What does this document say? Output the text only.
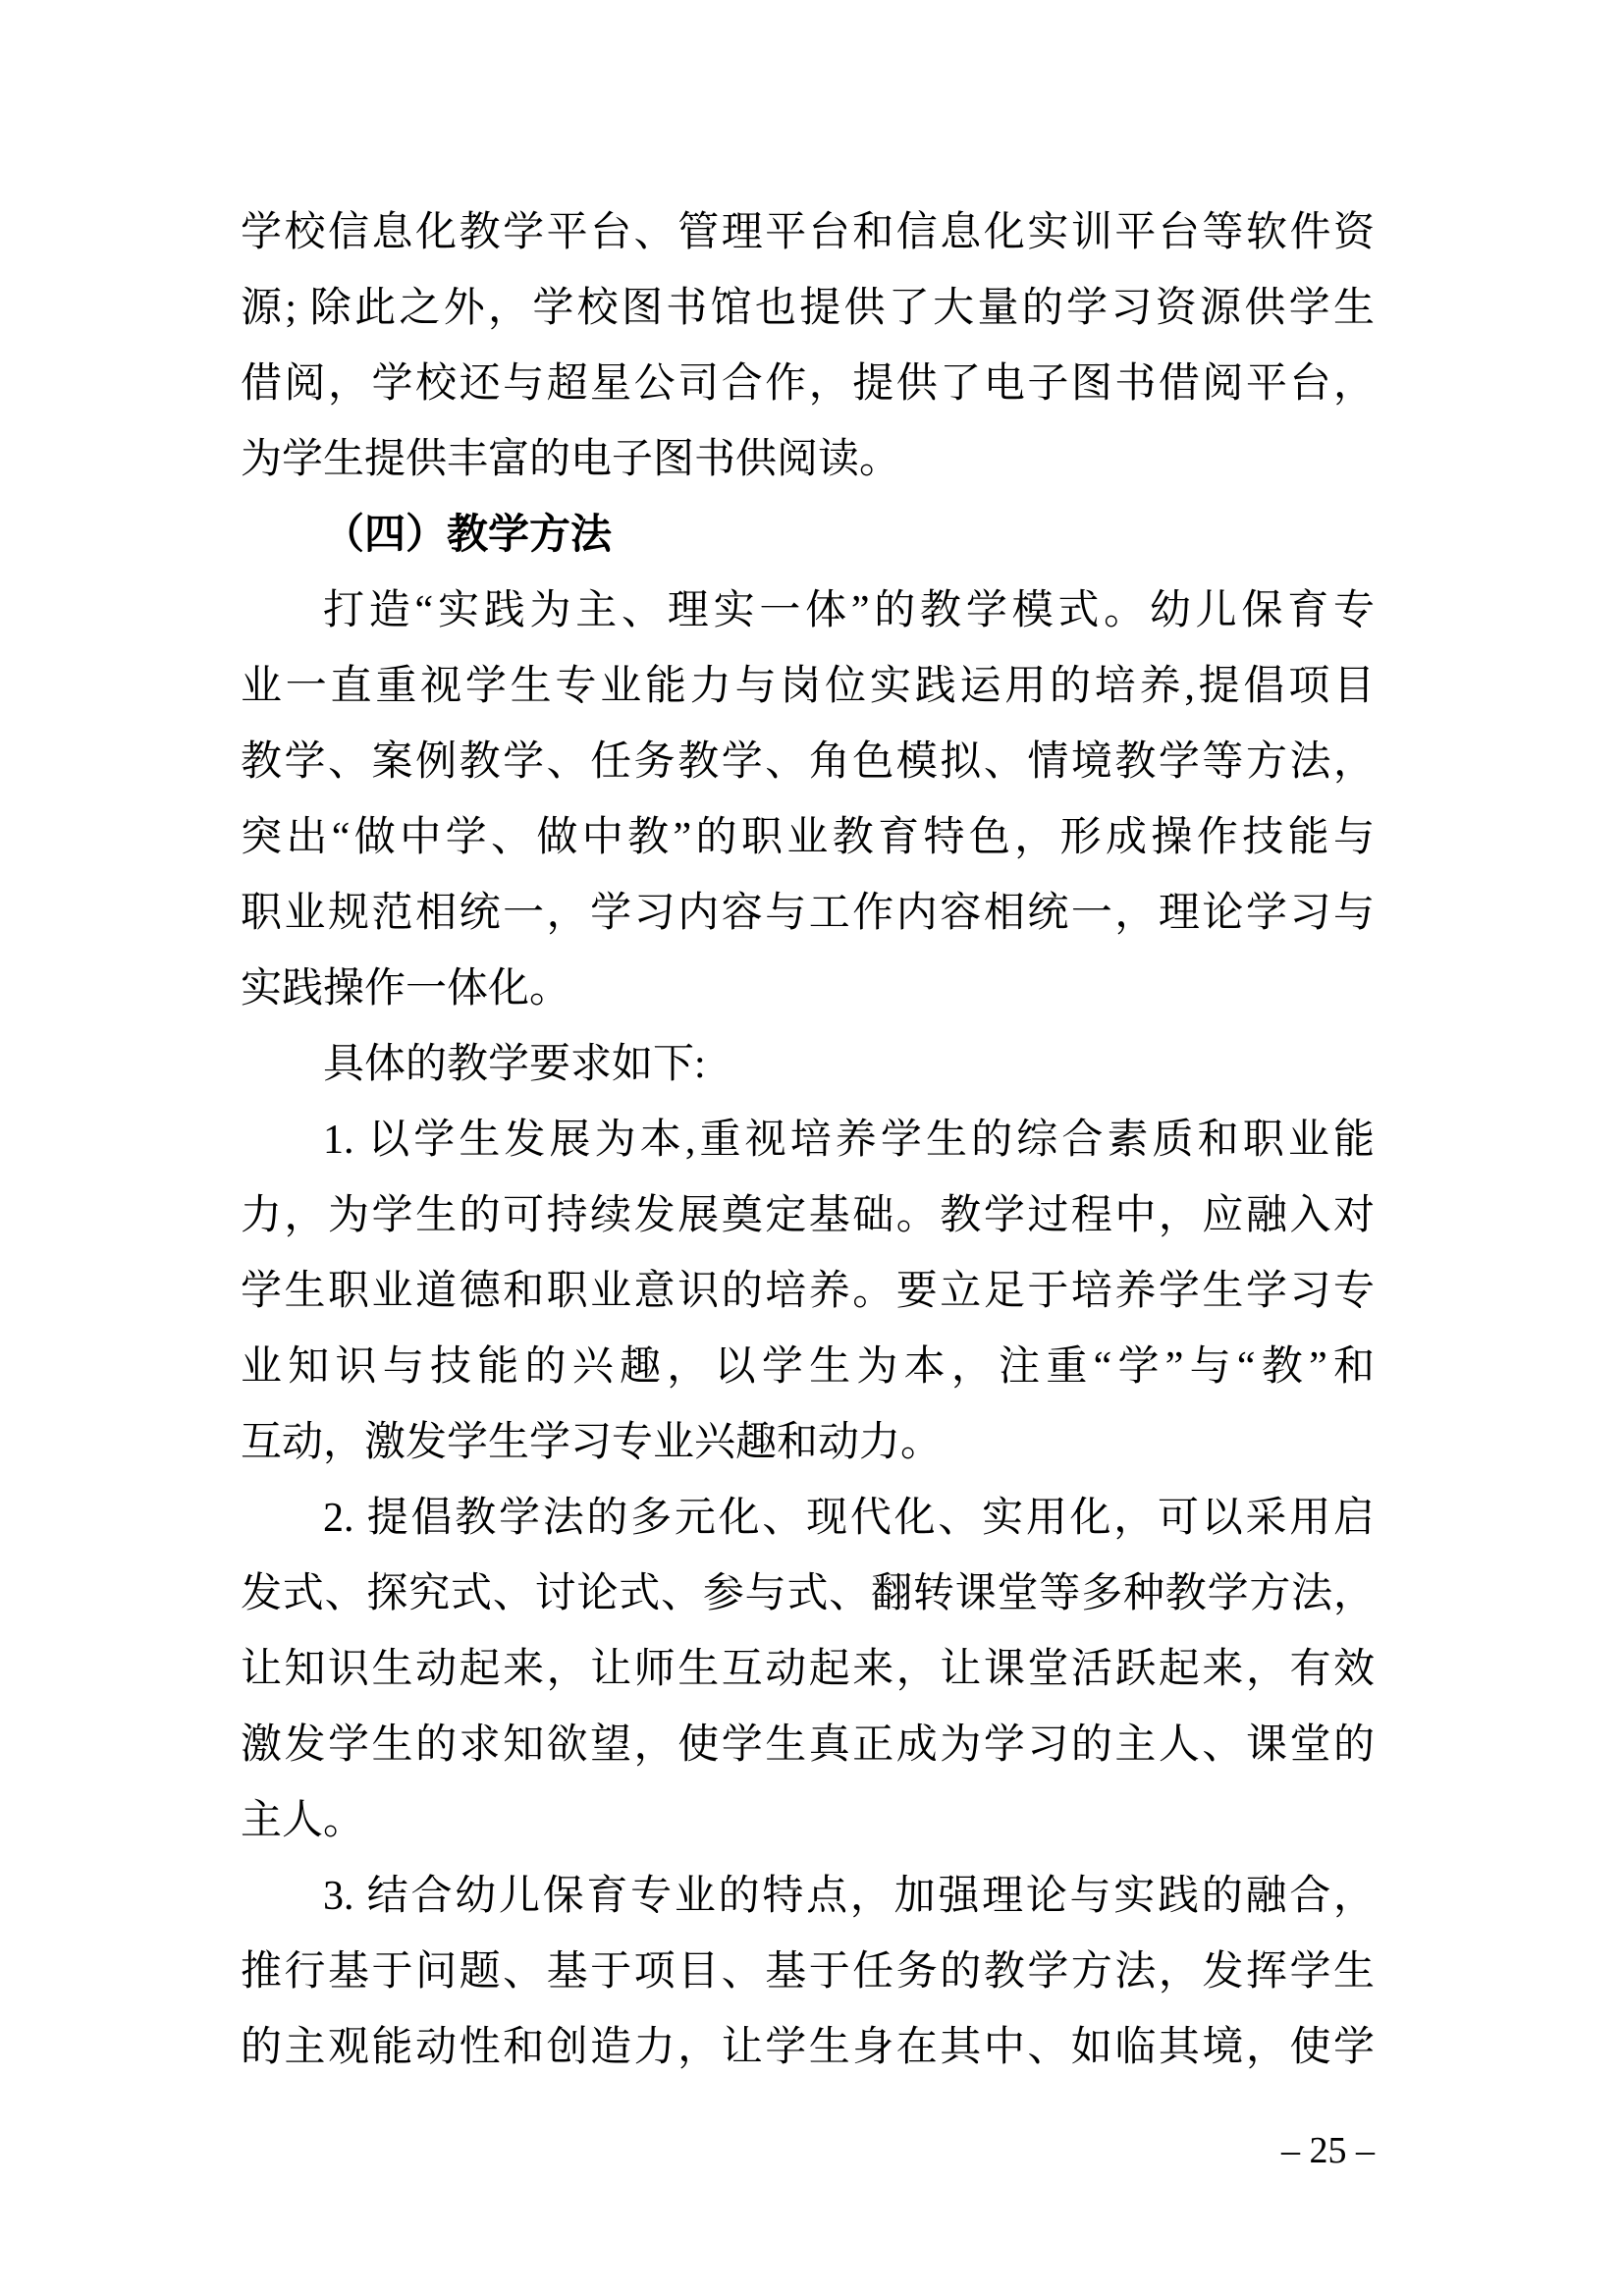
学校信息化教学平台、管理平台和信息化实训平台等软件资
源; 除此之外，学校图书馆也提供了大量的学习资源供学生
借阅，学校还与超星公司合作，提供了电子图书借阅平台，
为学生提供丰富的电子图书供阅读。
（四）教学方法
打造“实践为主、理实一体”的教学模式。幼儿保育专
业一直重视学生专业能力与岗位实践运用的培养,提倡项目
教学、案例教学、任务教学、角色模拟、情境教学等方法，
突出“做中学、做中教”的职业教育特色，形成操作技能与
职业规范相统一，学习内容与工作内容相统一，理论学习与
实践操作一体化。
具体的教学要求如下:
1. 以学生发展为本,重视培养学生的综合素质和职业能
力，为学生的可持续发展奠定基础。教学过程中，应融入对
学生职业道德和职业意识的培养。要立足于培养学生学习专
业知识与技能的兴趣，以学生为本，注重“学”与“教”和
互动，激发学生学习专业兴趣和动力。
2. 提倡教学法的多元化、现代化、实用化，可以采用启
发式、探究式、讨论式、参与式、翻转课堂等多种教学方法，
让知识生动起来，让师生互动起来，让课堂活跃起来，有效
激发学生的求知欲望，使学生真正成为学习的主人、课堂的
主人。
3. 结合幼儿保育专业的特点，加强理论与实践的融合，
推行基于问题、基于项目、基于任务的教学方法，发挥学生
的主观能动性和创造力，让学生身在其中、如临其境，使学
– 25 –
